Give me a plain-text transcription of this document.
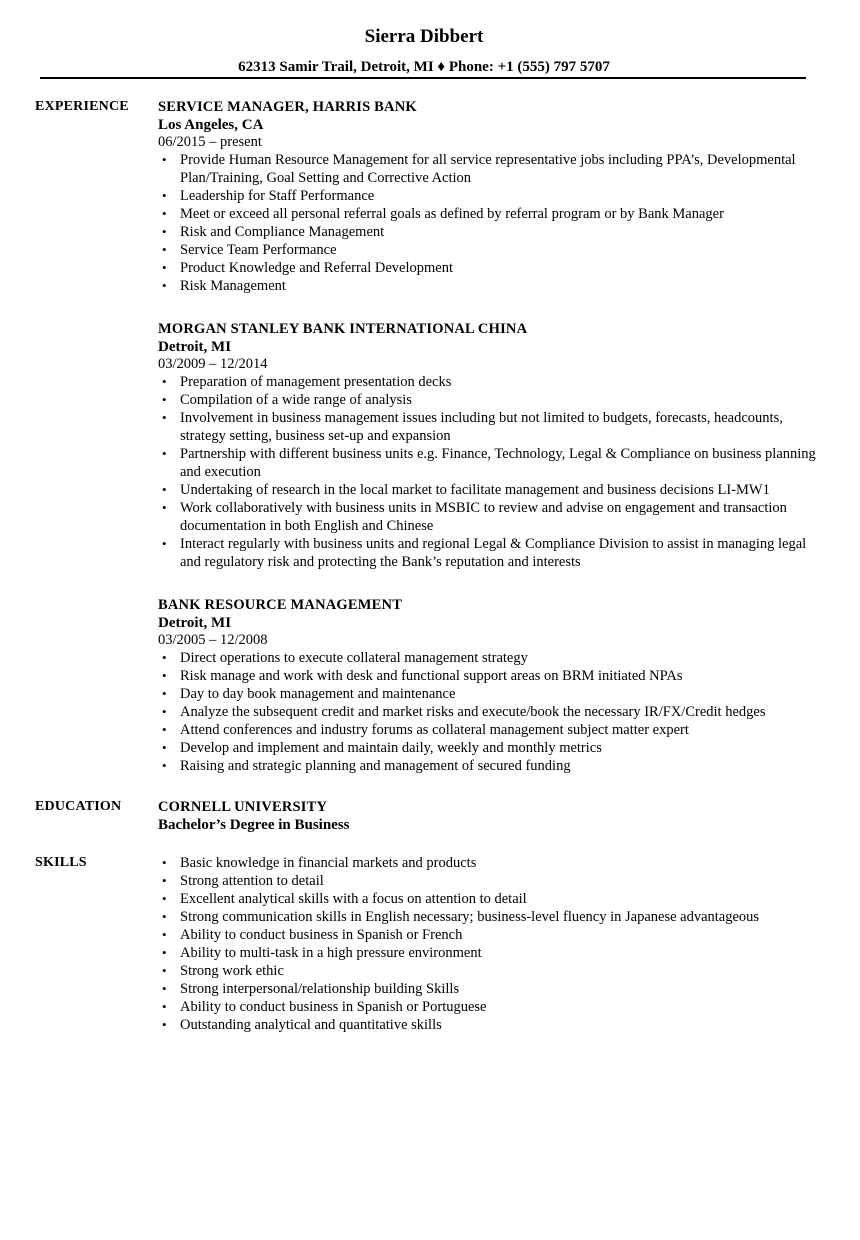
Sierra Dibbert
62313 Samir Trail, Detroit, MI ♦ Phone: +1 (555) 797 5707
EXPERIENCE SERVICE MANAGER, HARRIS BANK
Los Angeles, CA
06/2015 – present
• Provide Human Resource Management for all service representative jobs including PPA’s, Developmental Plan/Training, Goal Setting and Corrective Action
• Leadership for Staff Performance
• Meet or exceed all personal referral goals as defined by referral program or by Bank Manager
• Risk and Compliance Management
• Service Team Performance
• Product Knowledge and Referral Development
• Risk Management
MORGAN STANLEY BANK INTERNATIONAL CHINA
Detroit, MI
03/2009 – 12/2014
• Preparation of management presentation decks
• Compilation of a wide range of analysis
• Involvement in business management issues including but not limited to budgets, forecasts, headcounts, strategy setting, business set-up and expansion
• Partnership with different business units e.g. Finance, Technology, Legal & Compliance on business planning and execution
• Undertaking of research in the local market to facilitate management and business decisions LI-MW1
• Work collaboratively with business units in MSBIC to review and advise on engagement and transaction documentation in both English and Chinese
• Interact regularly with business units and regional Legal & Compliance Division to assist in managing legal and regulatory risk and protecting the Bank’s reputation and interests
BANK RESOURCE MANAGEMENT
Detroit, MI
03/2005 – 12/2008
• Direct operations to execute collateral management strategy
• Risk manage and work with desk and functional support areas on BRM initiated NPAs
• Day to day book management and maintenance
• Analyze the subsequent credit and market risks and execute/book the necessary IR/FX/Credit hedges
• Attend conferences and industry forums as collateral management subject matter expert
• Develop and implement and maintain daily, weekly and monthly metrics
• Raising and strategic planning and management of secured funding
EDUCATION	CORNELL UNIVERSITY
Bachelor’s Degree in Business
SKILLS
•	Basic knowledge in financial markets and products
• Strong attention to detail
• Excellent analytical skills with a focus on attention to detail
• Strong communication skills in English necessary; business-level fluency in Japanese advantageous
• Ability to conduct business in Spanish or French
• Ability to multi-task in a high pressure environment
• Strong work ethic
• Strong interpersonal/relationship building Skills
• Ability to conduct business in Spanish or Portuguese
• Outstanding analytical and quantitative skills
